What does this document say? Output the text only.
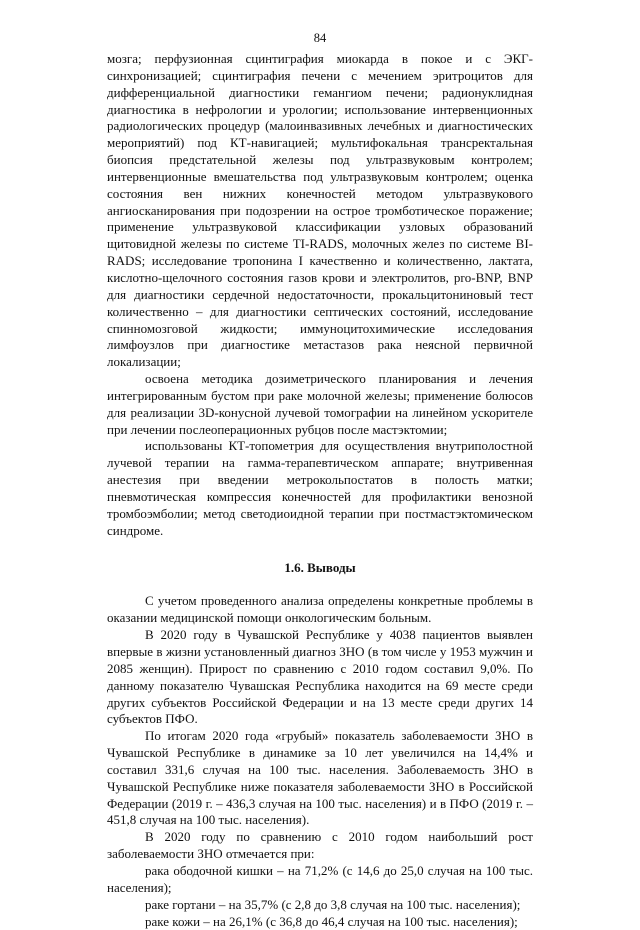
84

мозга; перфузионная сцинтиграфия миокарда в покое и с ЭКГ-синхронизацией; сцинтиграфия печени с мечением эритроцитов для дифференциальной диагностики гемангиом печени; радионуклидная диагностика в нефрологии и урологии; использование интервенционных радиологических процедур (малоинвазивных лечебных и диагностических мероприятий) под КТ-навигацией; мультифокальная трансректальная биопсия предстательной железы под ультразвуковым контролем; интервенционные вмешательства под ультразвуковым контролем; оценка состояния вен нижних конечностей методом ультразвукового ангиосканирования при подозрении на острое тромботическое поражение; применение ультразвуковой классификации узловых образований щитовидной железы по системе TI-RADS, молочных желез по системе BI-RADS; исследование тропонина I качественно и количественно, лактата, кислотно-щелочного состояния газов крови и электролитов, pro-BNP, BNP для диагностики сердечной недостаточности, прокальцитониновый тест количественно – для диагностики септических состояний, исследование спинномозговой жидкости; иммуноцитохимические исследования лимфоузлов при диагностике метастазов рака неясной первичной локализации;

освоена методика дозиметрического планирования и лечения интегрированным бустом при раке молочной железы; применение болюсов для реализации 3D-конусной лучевой томографии на линейном ускорителе при лечении послеоперационных рубцов после мастэктомии;

использованы КТ-топометрия для осуществления внутриполостной лучевой терапии на гамма-терапевтическом аппарате; внутривенная анестезия при введении метрокольпостатов в полость матки; пневмотическая компрессия конечностей для профилактики венозной тромбоэмболии; метод светодиоидной терапии при постмастэктомическом синдроме.

1.6. Выводы

С учетом проведенного анализа определены конкретные проблемы в оказании медицинской помощи онкологическим больным.

В 2020 году в Чувашской Республике у 4038 пациентов выявлен впервые в жизни установленный диагноз ЗНО (в том числе у 1953 мужчин и 2085 женщин). Прирост по сравнению с 2010 годом составил 9,0%. По данному показателю Чувашская Республика находится на 69 месте среди других субъектов Российской Федерации и на 13 месте среди других 14 субъектов ПФО.

По итогам 2020 года «грубый» показатель заболеваемости ЗНО в Чувашской Республике в динамике за 10 лет увеличился на 14,4% и составил 331,6 случая на 100 тыс. населения. Заболеваемость ЗНО в Чувашской Республике ниже показателя заболеваемости ЗНО в Российской Федерации (2019 г. – 436,3 случая на 100 тыс. населения) и в ПФО (2019 г. – 451,8 случая на 100 тыс. населения).

В 2020 году по сравнению с 2010 годом наибольший рост заболеваемости ЗНО отмечается при:

рака ободочной кишки – на 71,2% (с 14,6 до 25,0 случая на 100 тыс. населения);

раке гортани – на 35,7% (с 2,8 до 3,8 случая на 100 тыс. населения);

раке кожи – на 26,1% (с 36,8 до 46,4 случая на 100 тыс. населения);
